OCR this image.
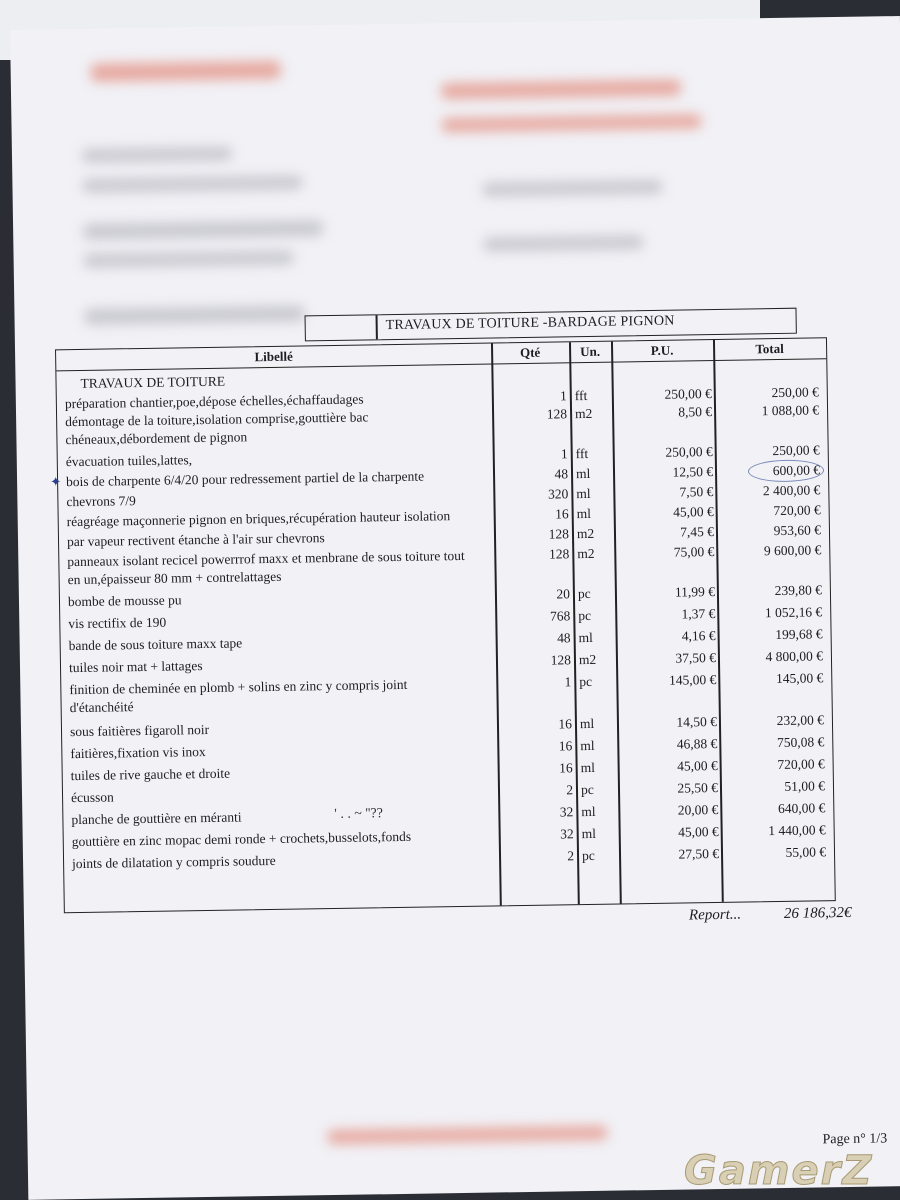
TRAVAUX DE TOITURE -BARDAGE PIGNON
Libellé	Qté	Un.	P.U.	Total
TRAVAUX DE TOITURE
préparation chantier,poe,dépose échelles,échaffaudages	1 fft	250,00 €	250,00 €
démontage de la toiture,isolation comprise,gouttière bac	128 m2	8,50 €	1 088,00 €
chéneaux,débordement de pignon
évacuation tuiles,lattes,	1 fft	250,00 €	250,00 €
bois de charpente 6/4/20 pour redressement partiel de la charpente	48 ml	12,50 €	600,00 €
✦
chevrons 7/9	320 ml	7,50 €	2 400,00 €
réagréage maçonnerie pignon en briques,récupération hauteur isolation	16 ml	45,00 €	720,00 €
par vapeur rectivent étanche à l'air sur chevrons	128 m2	7,45 €	953,60 €
panneaux isolant recicel powerrrof maxx et menbrane de sous toiture tout	128 m2	75,00 €	9 600,00 €
en un,épaisseur 80 mm + contrelattages
bombe de mousse pu	20 pc	11,99 €	239,80 €
vis rectifix de 190	768 pc	1,37 €	1 052,16 €
bande de sous toiture maxx tape	48 ml	4,16 €	199,68 €
tuiles noir mat + lattages	128 m2	37,50 €	4 800,00 €
finition de cheminée en plomb + solins en zinc y compris joint	1 pc	145,00 €	145,00 €
d'étanchéité
sous faitières figaroll noir	16 ml	14,50 €	232,00 €
faitières,fixation vis inox	16 ml	46,88 €	750,08 €
tuiles de rive gauche et droite	16 ml	45,00 €	720,00 €
écusson	2 pc	25,50 €	51,00 €
planche de gouttière en méranti	32 ml	20,00 €	640,00 €
gouttière en zinc mopac demi ronde + crochets,busselots,fonds	32 ml	45,00 €	1 440,00 €
joints de dilatation y compris soudure	2 pc	27,50 €	55,00 €
' . . ~ ''??
Report...	26 186,32€
Page n° 1/3
GamerZ
